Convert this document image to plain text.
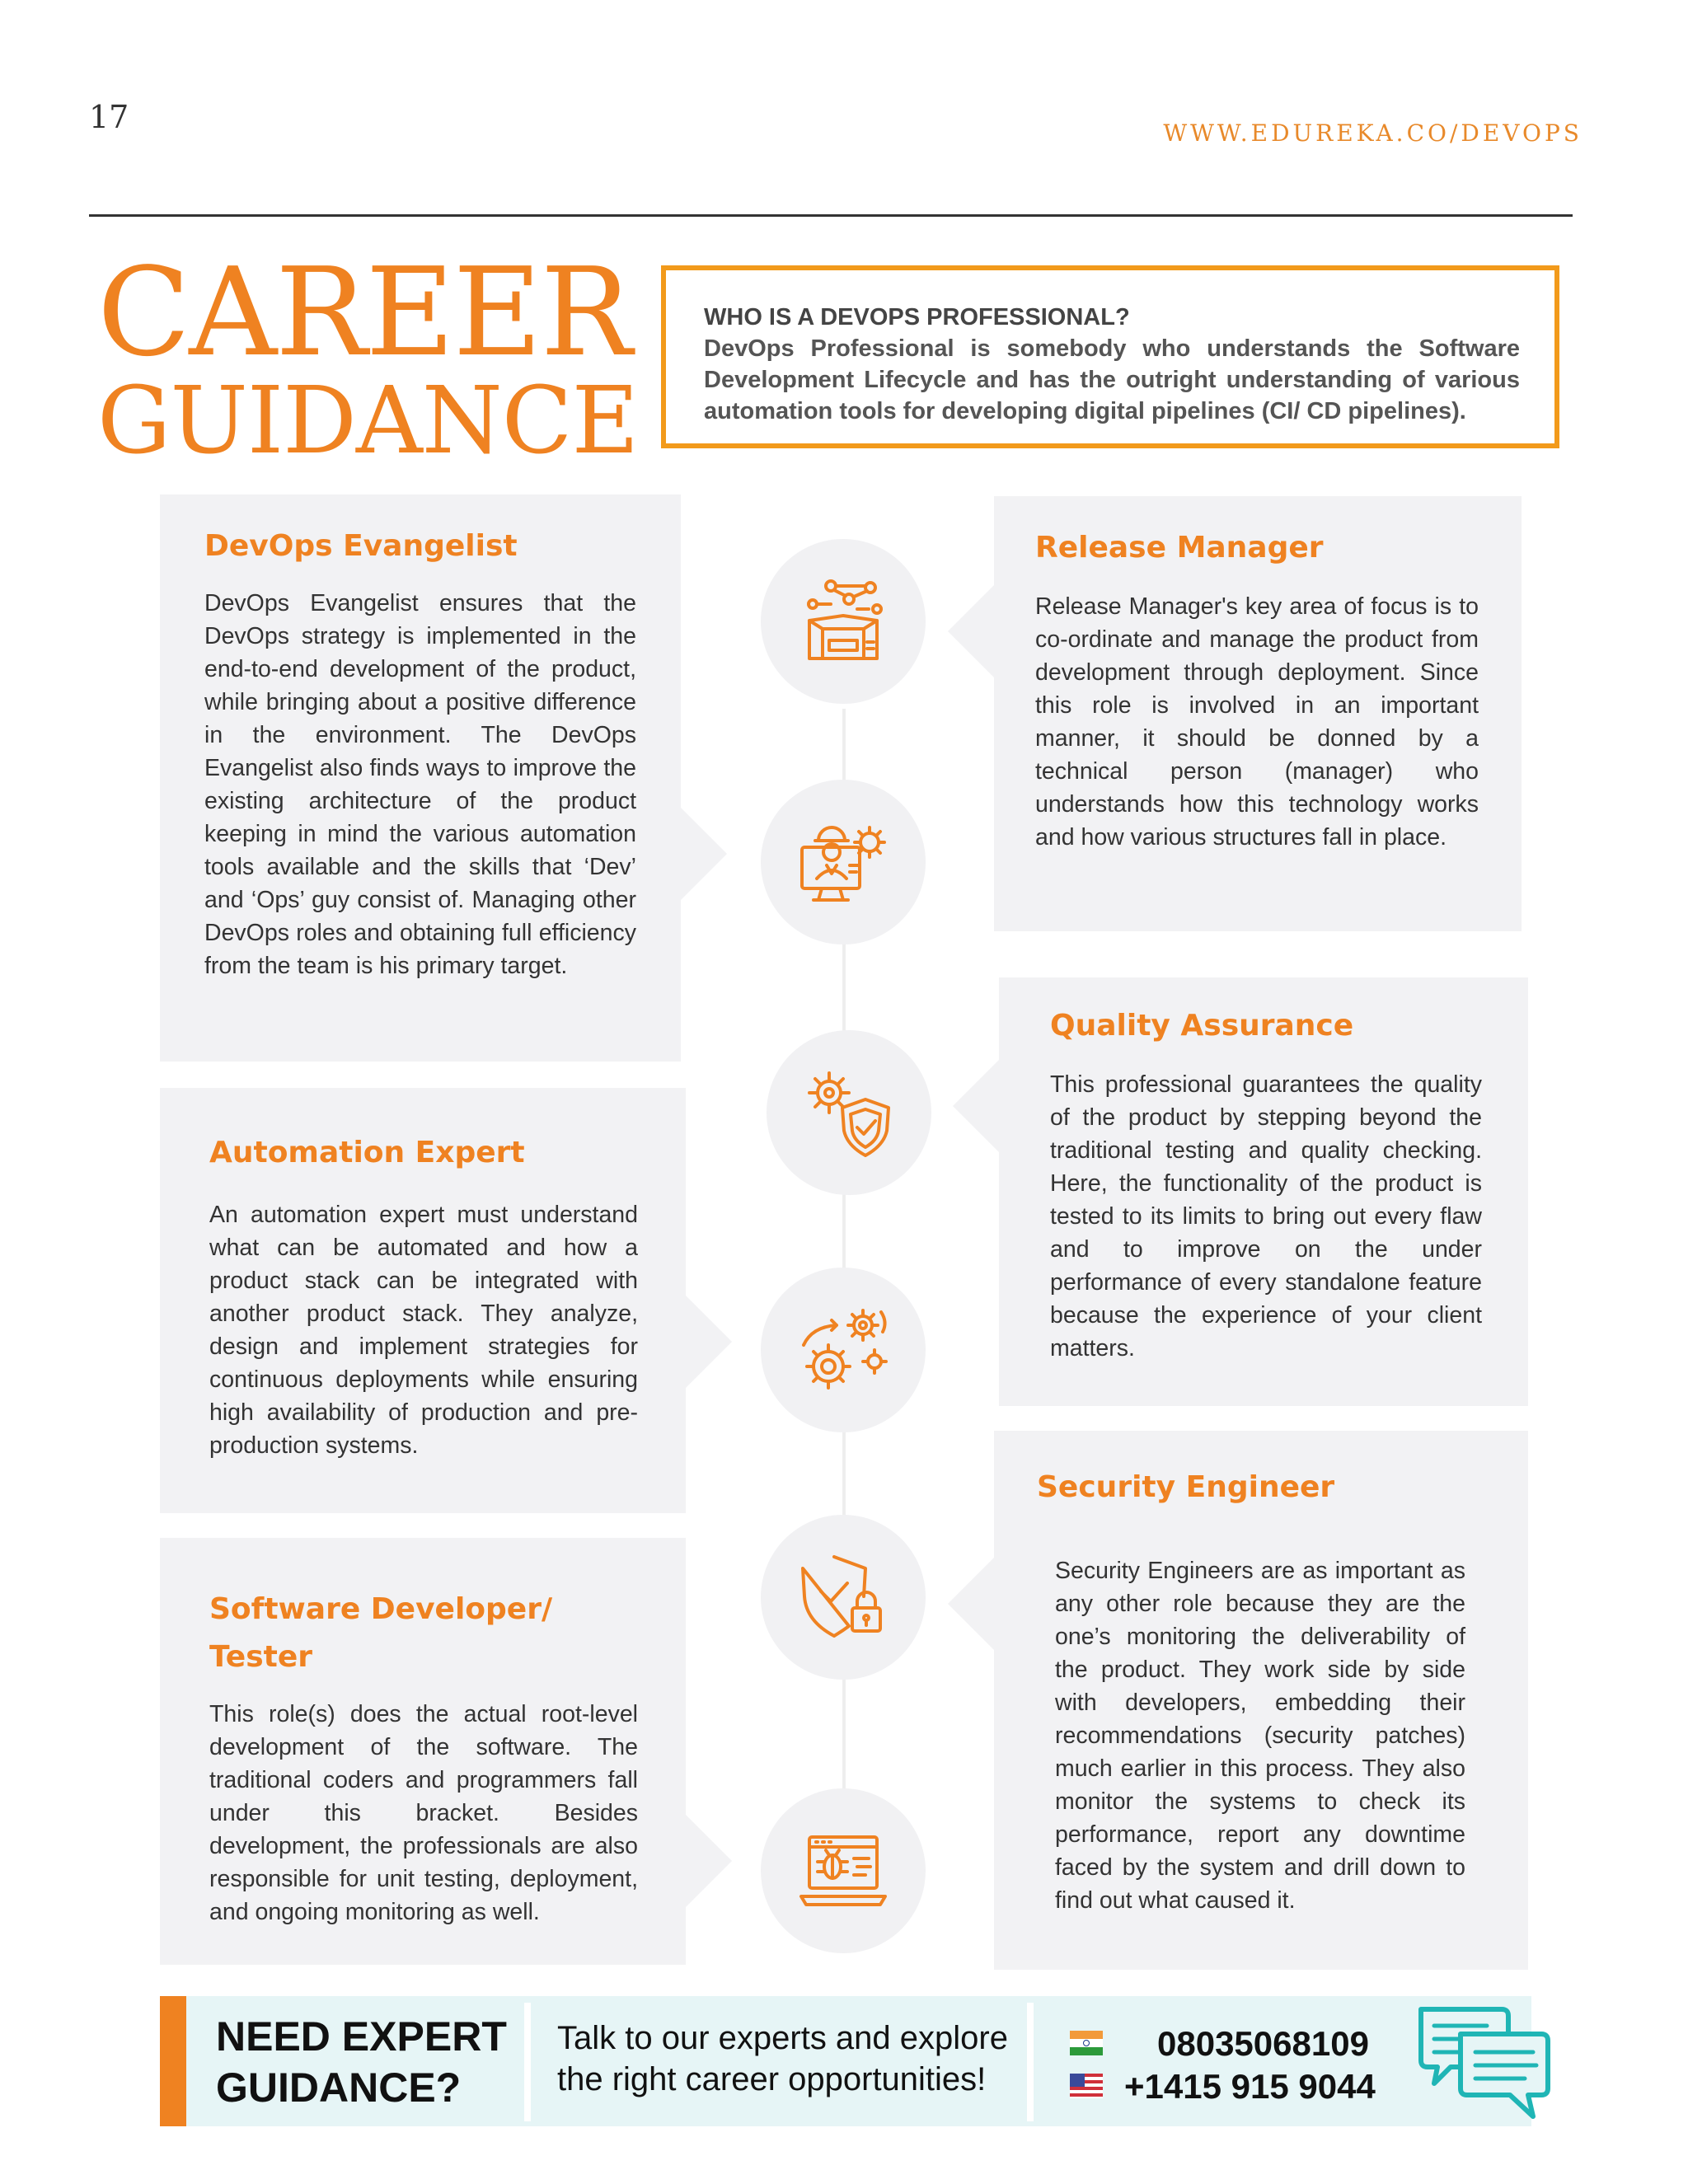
17	WWW.EDUREKA.CO/DEVOPS
CAREER
GUIDANCE
WHO IS A DEVOPS PROFESSIONAL?
DevOps Professional is somebody who understands the Software Development Lifecycle and has the outright understanding of various automation tools for developing digital pipelines (CI/ CD pipelines).
DevOps Evangelist

DevOps Evangelist ensures that the DevOps strategy is implemented in the end-to-end development of the product, while bringing about a positive difference in the environment. The DevOps Evangelist also finds ways to improve the existing architecture of the product keeping in mind the various automation tools available and the skills that ‘Dev’ and ‘Ops’ guy consist of. Managing other DevOps roles and obtaining full efficiency from the team is his primary target.

Automation Expert

An automation expert must understand what can be automated and how a product stack can be integrated with another product stack. They analyze, design and implement strategies for continuous deployments while ensuring high availability of production and pre-production systems.

Software Developer/
Tester

This role(s) does the actual root-level development of the software. The traditional coders and programmers fall under this bracket. Besides development, the professionals are also responsible for unit testing, deployment, and ongoing monitoring as well.

Release Manager

Release Manager's key area of focus is to co-ordinate and manage the product from development through deployment. Since this role is involved in an important manner, it should be donned by a technical person (manager) who understands how this technology works and how various structures fall in place.

Quality Assurance

This professional guarantees the quality of the product by stepping beyond the traditional testing and quality checking. Here, the functionality of the product is tested to its limits to bring out every flaw and to improve on the under performance of every standalone feature because the experience of your client matters.

Security Engineer

Security Engineers are as important as any other role because they are the one’s monitoring the deliverability of the product. They work side by side with developers, embedding their recommendations (security patches) much earlier in this process. They also monitor the systems to check its performance, report any downtime faced by the system and drill down to find out what caused it.

NEED EXPERT
GUIDANCE?
Talk to our experts and explore
the right career opportunities!
08035068109
+1415 915 9044
